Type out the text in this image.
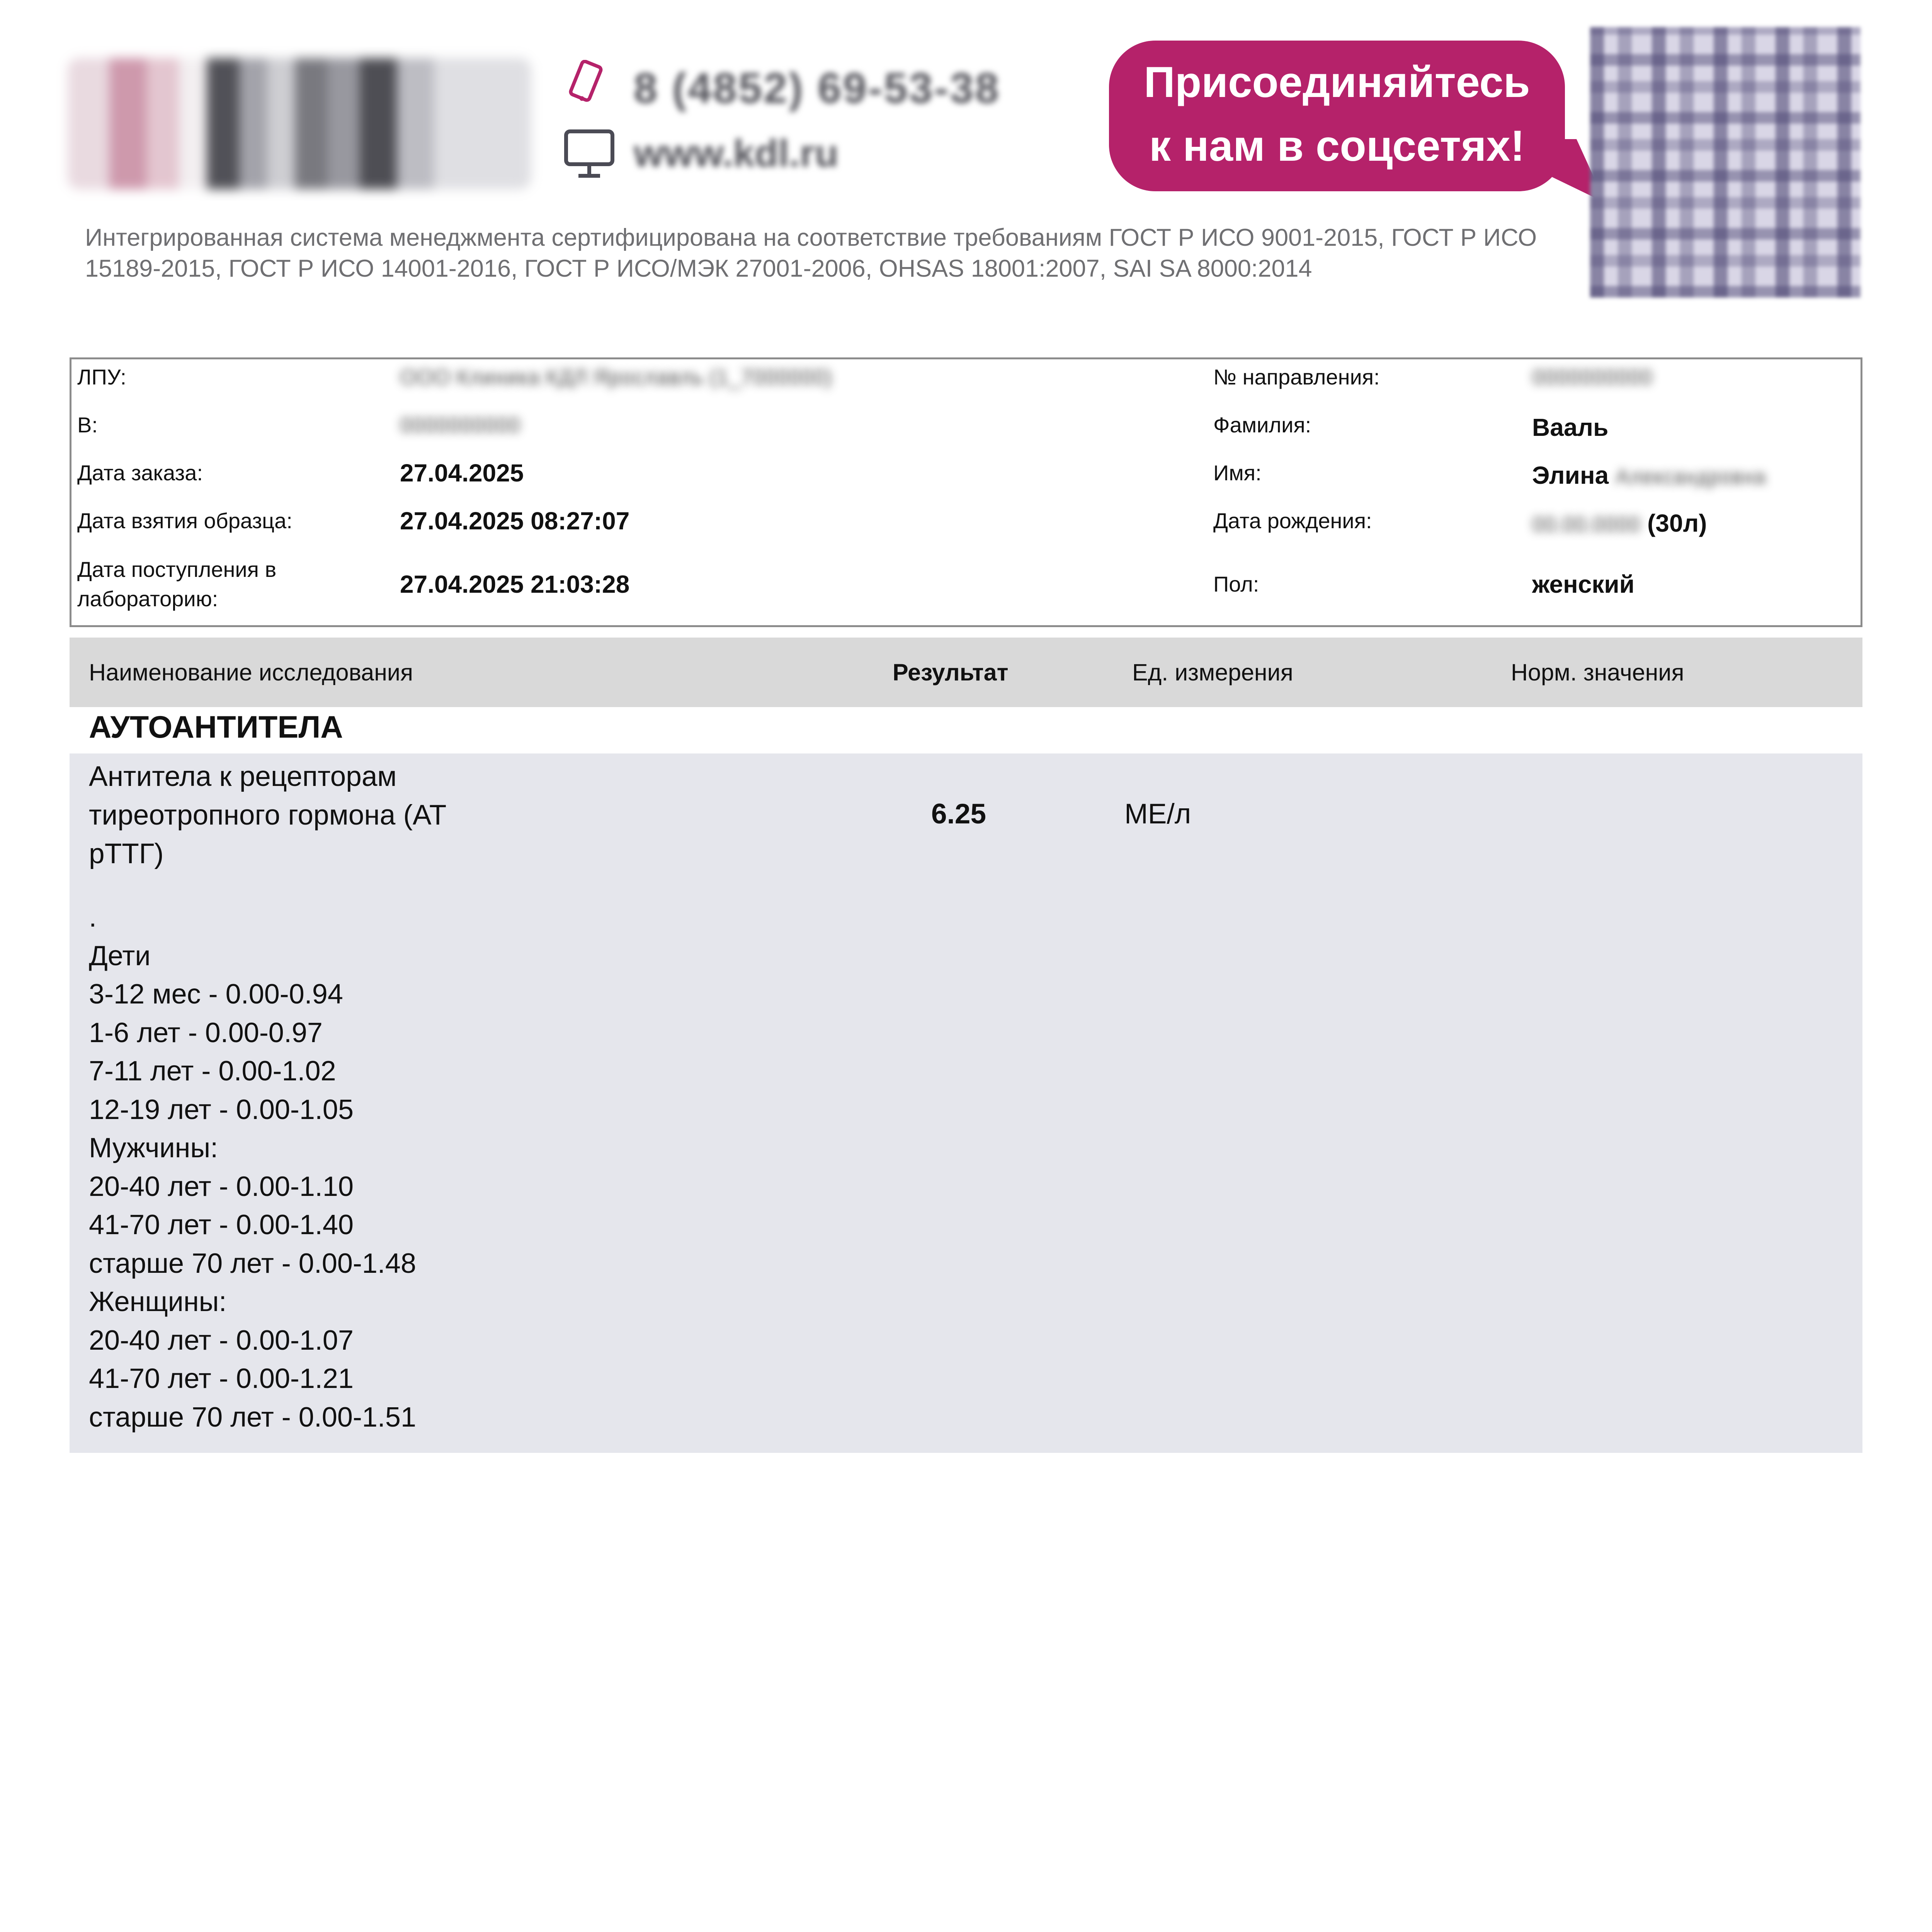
8 (4852) 69-53-38
www.kdl.ru
Присоединяйтесь
к нам в соцсетях!
Интегрированная система менеджмента сертифицирована на соответствие требованиям ГОСТ Р ИСО 9001-2015, ГОСТ Р ИСО 15189-2015, ГОСТ Р ИСО 14001-2016, ГОСТ Р ИСО/МЭК 27001-2006, OHSAS 18001:2007, SAI SA 8000:2014
ЛПУ:	ООО Клиника КДЛ Ярославль (1_7000000)
В:	0000000000
Дата заказа:	27.04.2025
Дата взятия образца:	27.04.2025 08:27:07
Дата поступления в
лабораторию:
27.04.2025 21:03:28
№ направления:	0000000000
Фамилия:	Вааль
Имя:	Элина Александровна
Дата рождения:	00.00.0000 (30л)
Пол:	женский
Наименование исследования	Результат	Ед. измерения	Норм. значения
АУТОАНТИТЕЛА
Антитела к рецепторам тиреотропного гормона (АТ рТТГ)
6.25	МЕ/л
.
Дети
3-12 мес - 0.00-0.94
1-6 лет - 0.00-0.97
7-11 лет - 0.00-1.02
12-19 лет - 0.00-1.05
Мужчины:
20-40 лет - 0.00-1.10
41-70 лет - 0.00-1.40
старше 70 лет - 0.00-1.48
Женщины:
20-40 лет - 0.00-1.07
41-70 лет - 0.00-1.21
старше 70 лет - 0.00-1.51
